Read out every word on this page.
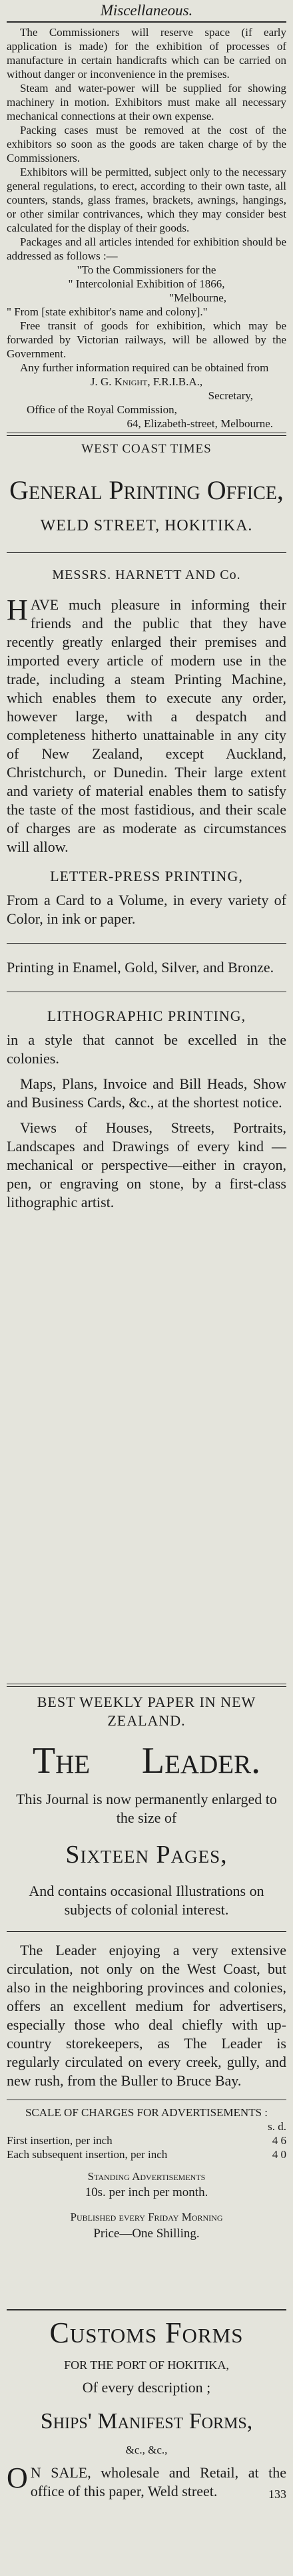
Miscellaneous.

The Commissioners will reserve space (if early application is made) for the exhibition of processes of manufacture in certain handicrafts which can be carried on without danger or inconvenience in the premises.

Steam and water-power will be supplied for showing machinery in motion. Exhibitors must make all necessary mechanical connections at their own expense.

Packing cases must be removed at the cost of the exhibitors so soon as the goods are taken charge of by the Commissioners.

Exhibitors will be permitted, subject only to the necessary general regulations, to erect, according to their own taste, all counters, stands, glass frames, brackets, awnings, hangings, or other similar contrivances, which they may consider best calculated for the display of their goods.

Packages and all articles intended for exhibition should be addressed as follows :—

"To the Commissioners for the

" Intercolonial Exhibition of 1866,

"Melbourne,

" From [state exhibitor's name and colony]."

Free transit of goods for exhibition, which may be forwarded by Victorian railways, will be allowed by the Government.

Any further information required can be obtained from

J. G. Knight, F.R.I.B.A.,

Secretary,

Office of the Royal Commission,

64, Elizabeth-street, Melbourne.

WEST COAST TIMES

General Printing Office,

WELD STREET, HOKITIKA.

MESSRS. HARNETT AND Co.

H AVE much pleasure in informing their friends and the public that they have recently greatly enlarged their premises and imported every article of modern use in the trade, including a steam Printing Machine, which enables them to execute any order, however large, with a despatch and completeness hitherto unattainable in any city of New Zealand, except Auckland, Christchurch, or Dunedin. Their large extent and variety of material enables them to satisfy the taste of the most fastidious, and their scale of charges are as moderate as circumstances will allow.

LETTER-PRESS PRINTING,

From a Card to a Volume, in every variety of Color, in ink or paper.

Printing in Enamel, Gold, Silver, and Bronze.

LITHOGRAPHIC PRINTING,

in a style that cannot be excelled in the colonies.

Maps, Plans, Invoice and Bill Heads, Show and Business Cards, &c., at the shortest notice.

Views of Houses, Streets, Portraits, Landscapes and Drawings of every kind —mechanical or perspective—either in crayon, pen, or engraving on stone, by a first-class lithographic artist.

BEST WEEKLY PAPER IN NEW

ZEALAND.

The Leader.

This Journal is now permanently enlarged to the size of

Sixteen Pages,

And contains occasional Illustrations on subjects of colonial interest.

The Leader enjoying a very extensive circulation, not only on the West Coast, but also in the neighboring provinces and colonies, offers an excellent medium for advertisers, especially those who deal chiefly with up-country storekeepers, as The Leader is regularly circulated on every creek, gully, and new rush, from the Buller to Bruce Bay.

SCALE OF CHARGES FOR ADVERTISEMENTS :

s. d.
First insertion, per inch	4 6
Each subsequent insertion, per inch	4 0

Standing Advertisements

10s. per inch per month.

Published every Friday Morning

Price—One Shilling.

Customs Forms

FOR THE PORT OF HOKITIKA,

Of every description ;

Ships' Manifest Forms,

&c., &c.,

O N SALE, wholesale and Retail, at the office of this paper, Weld street.	133
